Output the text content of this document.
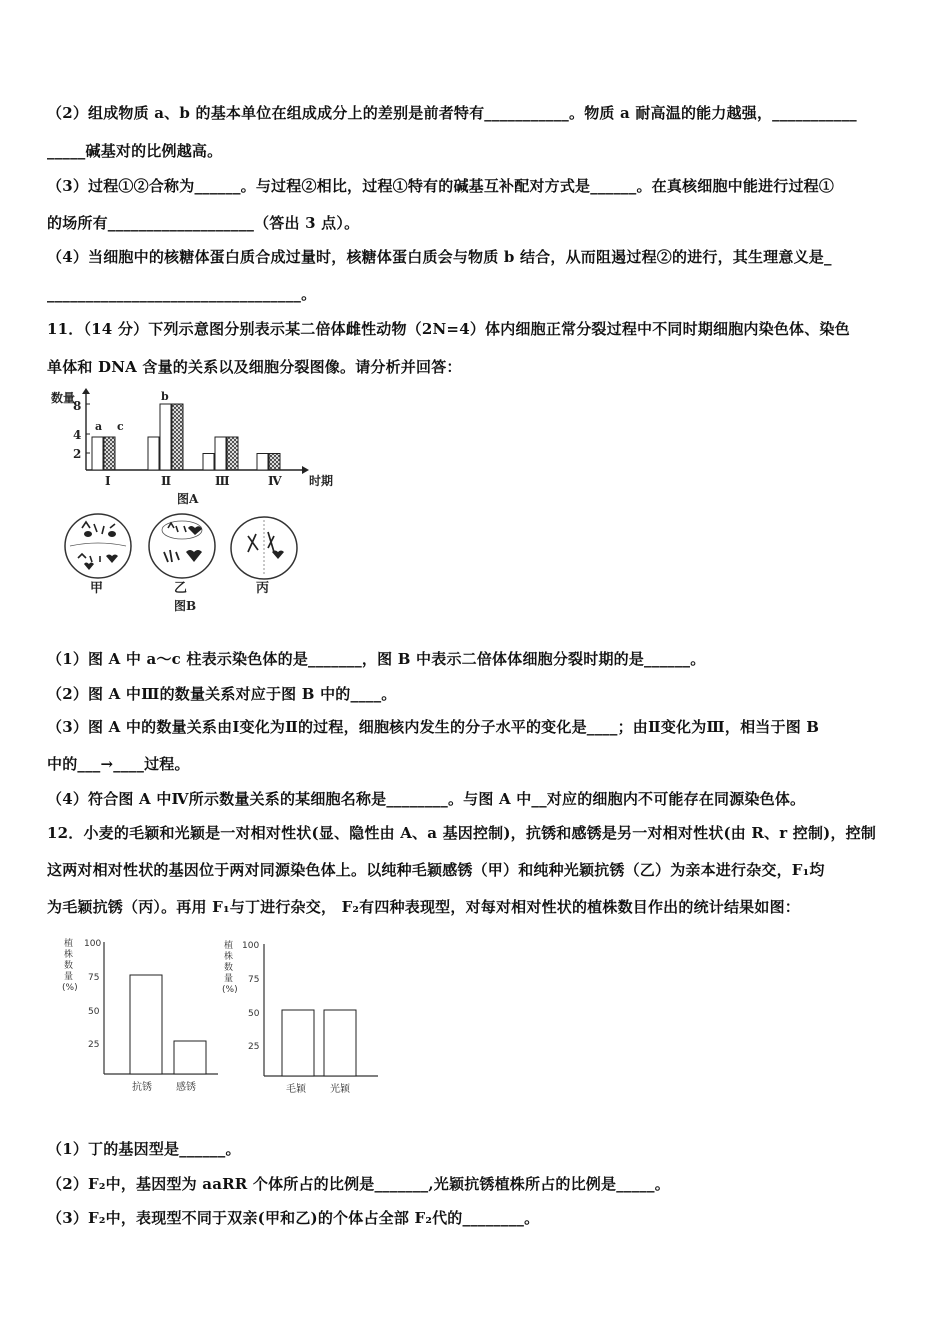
（2）组成物质 a、b 的基本单位在组成成分上的差别是前者特有___________。物质 a 耐高温的能力越强，___________
_____碱基对的比例越高。
（3）过程①②合称为______。与过程②相比，过程①特有的碱基互补配对方式是______。在真核细胞中能进行过程①
的场所有___________________（答出 3 点）。
（4）当细胞中的核糖体蛋白质合成过量时，核糖体蛋白质会与物质 b 结合，从而阻遏过程②的进行，其生理意义是_
_________________________________。
11．（14 分）下列示意图分别表示某二倍体雌性动物（2N=4）体内细胞正常分裂过程中不同时期细胞内染色体、染色
单体和 DNA 含量的关系以及细胞分裂图像。请分析并回答：
数量
8
4
2
a c
b
Ⅰ	Ⅱ	Ⅲ	Ⅳ 时期
图A
甲	乙	丙
图B
（1）图 A 中 a～c 柱表示染色体的是_______，图 B 中表示二倍体体细胞分裂时期的是______。
（2）图 A 中Ⅲ的数量关系对应于图 B 中的____。
（3）图 A 中的数量关系由Ⅰ变化为Ⅱ的过程，细胞核内发生的分子水平的变化是____；由Ⅱ变化为Ⅲ，相当于图 B
中的___→____过程。
（4）符合图 A 中Ⅳ所示数量关系的某细胞名称是________。与图 A 中__对应的细胞内不可能存在同源染色体。
12．小麦的毛颖和光颖是一对相对性状(显、隐性由 A、a 基因控制)，抗锈和感锈是另一对相对性状(由 R、r 控制)，控制
这两对相对性状的基因位于两对同源染色体上。以纯种毛颖感锈（甲）和纯种光颖抗锈（乙）为亲本进行杂交，F₁均
为毛颖抗锈（丙）。再用 F₁与丁进行杂交， F₂有四种表现型，对每对相对性状的植株数目作出的统计结果如图：
植
株
数
量
(%)
100
75
50
25
抗锈 感锈
植
株
数
量
(%)
100
75
50
25
毛颖 光颖
（1）丁的基因型是______。
（2）F₂中，基因型为 aaRR 个体所占的比例是_______,光颖抗锈植株所占的比例是_____。
（3）F₂中，表现型不同于双亲(甲和乙)的个体占全部 F₂代的________。
